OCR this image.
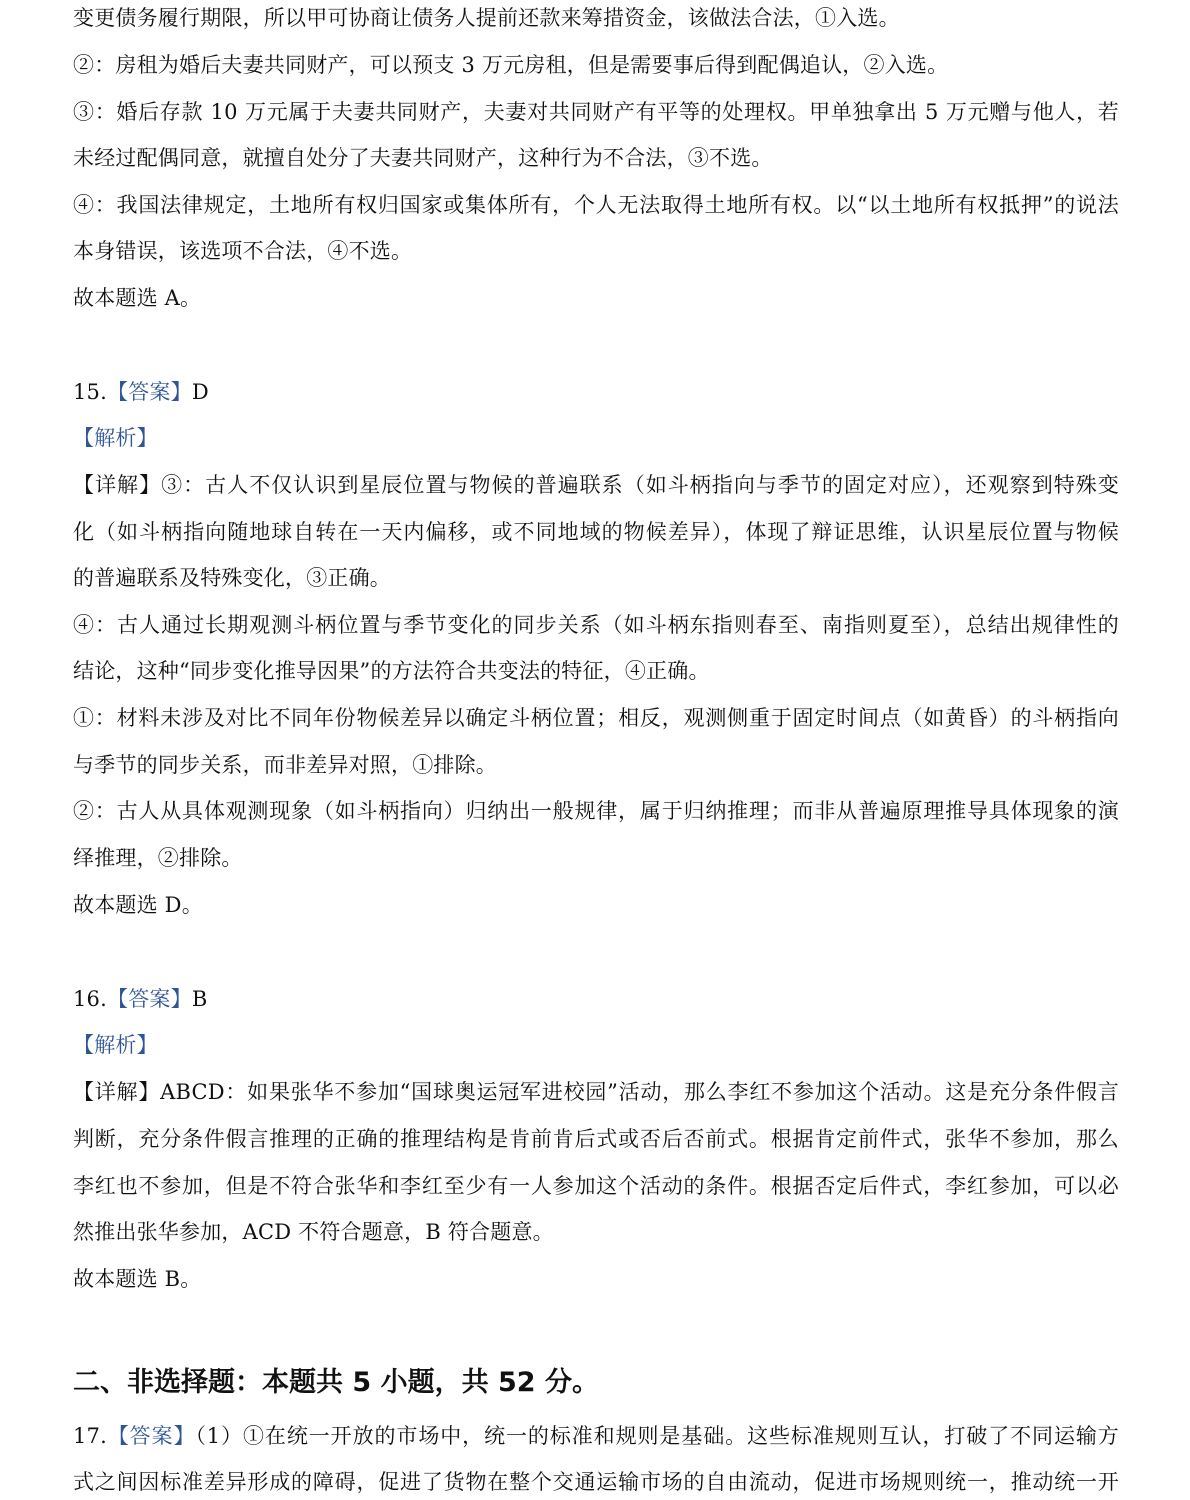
变更债务履行期限，所以甲可协商让债务人提前还款来筹措资金，该做法合法，①入选。
②：房租为婚后夫妻共同财产，可以预支 3 万元房租，但是需要事后得到配偶追认，②入选。
③：婚后存款 10 万元属于夫妻共同财产，夫妻对共同财产有平等的处理权。甲单独拿出 5 万元赠与他人，若
未经过配偶同意，就擅自处分了夫妻共同财产，这种行为不合法，③不选。
④：我国法律规定，土地所有权归国家或集体所有，个人无法取得土地所有权。以“以土地所有权抵押”的说法
本身错误，该选项不合法，④不选。
故本题选 A。
15.【答案】D
【解析】
【详解】③：古人不仅认识到星辰位置与物候的普遍联系（如斗柄指向与季节的固定对应），还观察到特殊变
化（如斗柄指向随地球自转在一天内偏移，或不同地域的物候差异），体现了辩证思维，认识星辰位置与物候
的普遍联系及特殊变化，③正确。
④：古人通过长期观测斗柄位置与季节变化的同步关系（如斗柄东指则春至、南指则夏至），总结出规律性的
结论，这种“同步变化推导因果”的方法符合共变法的特征，④正确。
①：材料未涉及对比不同年份物候差异以确定斗柄位置；相反，观测侧重于固定时间点（如黄昏）的斗柄指向
与季节的同步关系，而非差异对照，①排除。
②：古人从具体观测现象（如斗柄指向）归纳出一般规律，属于归纳推理；而非从普遍原理推导具体现象的演
绎推理，②排除。
故本题选 D。
16.【答案】B
【解析】
【详解】ABCD：如果张华不参加“国球奥运冠军进校园”活动，那么李红不参加这个活动。这是充分条件假言
判断，充分条件假言推理的正确的推理结构是肯前肯后式或否后否前式。根据肯定前件式，张华不参加，那么
李红也不参加，但是不符合张华和李红至少有一人参加这个活动的条件。根据否定后件式，李红参加，可以必
然推出张华参加，ACD 不符合题意，B 符合题意。
故本题选 B。
二、非选择题：本题共 5 小题，共 52 分。
17.【答案】（1）①在统一开放的市场中，统一的标准和规则是基础。这些标准规则互认，打破了不同运输方
式之间因标准差异形成的障碍，促进了货物在整个交通运输市场的自由流动，促进市场规则统一，推动统一开
